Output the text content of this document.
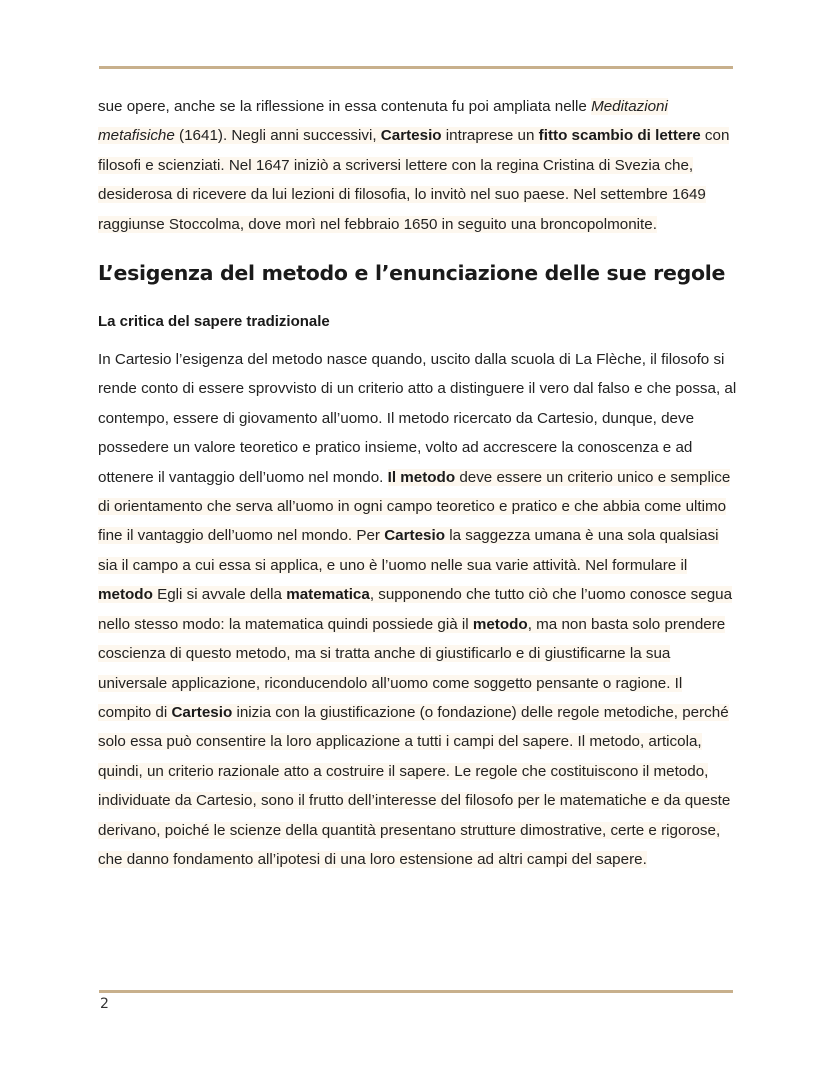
sue opere, anche se la riflessione in essa contenuta fu poi ampliata nelle Meditazioni metafisiche (1641). Negli anni successivi, Cartesio intraprese un fitto scambio di lettere con filosofi e scienziati. Nel 1647 iniziò a scriversi lettere con la regina Cristina di Svezia che, desiderosa di ricevere da lui lezioni di filosofia, lo invitò nel suo paese. Nel settembre 1649 raggiunse Stoccolma, dove morì nel febbraio 1650 in seguito una broncopolmonite.

L’esigenza del metodo e l’enunciazione delle sue regole
La critica del sapere tradizionale

In Cartesio l’esigenza del metodo nasce quando, uscito dalla scuola di La Flèche, il filosofo si rende conto di essere sprovvisto di un criterio atto a distinguere il vero dal falso e che possa, al contempo, essere di giovamento all’uomo. Il metodo ricercato da Cartesio, dunque, deve possedere un valore teoretico e pratico insieme, volto ad accrescere la conoscenza e ad ottenere il vantaggio dell’uomo nel mondo. Il metodo deve essere un criterio unico e semplice di orientamento che serva all’uomo in ogni campo teoretico e pratico e che abbia come ultimo fine il vantaggio dell’uomo nel mondo. Per Cartesio la saggezza umana è una sola qualsiasi sia il campo a cui essa si applica, e uno è l’uomo nelle sua varie attività. Nel formulare il metodo Egli si avvale della matematica, supponendo che tutto ciò che l’uomo conosce segua nello stesso modo: la matematica quindi possiede già il metodo, ma non basta solo prendere coscienza di questo metodo, ma si tratta anche di giustificarlo e di giustificarne la sua universale applicazione, riconducendolo all’uomo come soggetto pensante o ragione. Il compito di Cartesio inizia con la giustificazione (o fondazione) delle regole metodiche, perché solo essa può consentire la loro applicazione a tutti i campi del sapere. Il metodo, articola, quindi, un criterio razionale atto a costruire il sapere. Le regole che costituiscono il metodo, individuate da Cartesio, sono il frutto dell’interesse del filosofo per le matematiche e da queste derivano, poiché le scienze della quantità presentano strutture dimostrative, certe e rigorose, che danno fondamento all’ipotesi di una loro estensione ad altri campi del sapere.

2
